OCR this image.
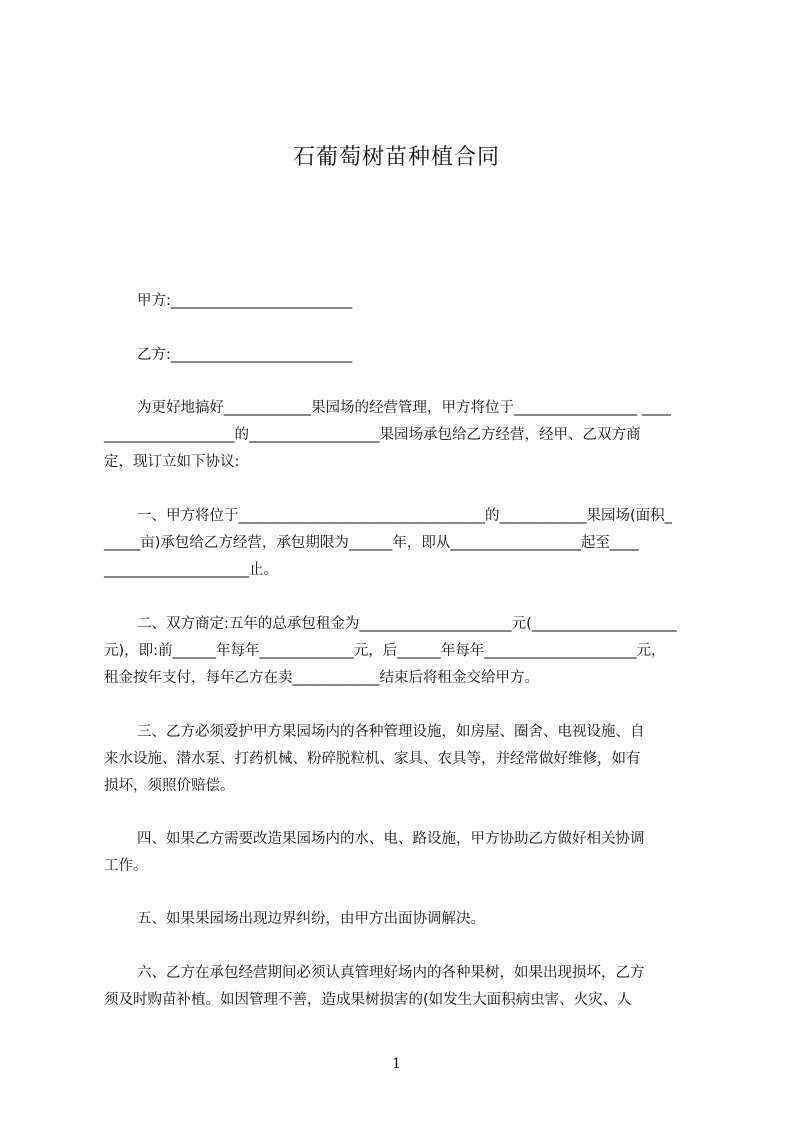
石葡萄树苗种植合同
甲方:_________________________
乙方:_________________________
为更好地搞好____________果园场的经营管理，甲方将位于_________________ ____
__________________的__________________果园场承包给乙方经营，经甲、乙双方商
定，现订立如下协议:
一、甲方将位于__________________________________的____________果园场(面积_
_____亩)承包给乙方经营，承包期限为______年，即从__________________起至____
____________________止。
二、双方商定:五年的总承包租金为_____________________元(____________________
元)，即:前______年每年_____________元，后______年每年_____________________元，
租金按年支付，每年乙方在卖____________结束后将租金交给甲方。
三、乙方必须爱护甲方果园场内的各种管理设施，如房屋、圈舍、电视设施、自
来水设施、潜水泵、打药机械、粉碎脱粒机、家具、农具等，并经常做好维修，如有
损坏，须照价赔偿。
四、如果乙方需要改造果园场内的水、电、路设施，甲方协助乙方做好相关协调
工作。
五、如果果园场出现边界纠纷，由甲方出面协调解决。
六、乙方在承包经营期间必须认真管理好场内的各种果树，如果出现损坏，乙方
须及时购苗补植。如因管理不善，造成果树损害的(如发生大面积病虫害、火灾、人
1
